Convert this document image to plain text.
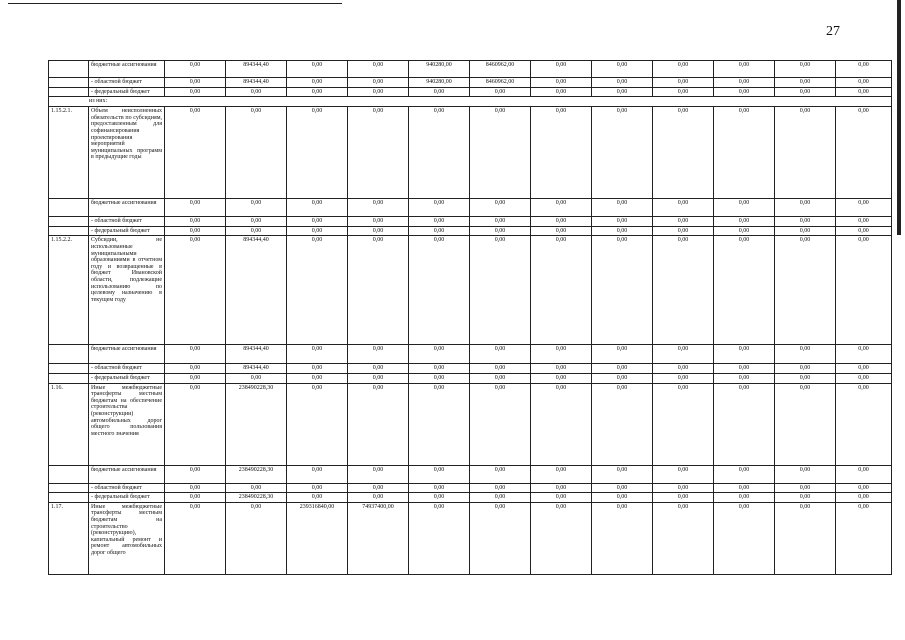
27
	бюджетные ассигнования	0,00	894344,40	0,00	0,00	940280,00	8460962,00	0,00	0,00	0,00	0,00	0,00	0,00
	- областной бюджет	0,00	894344,40	0,00	0,00	940280,00	8460962,00	0,00	0,00	0,00	0,00	0,00	0,00
	- федеральный бюджет	0,00	0,00	0,00	0,00	0,00	0,00	0,00	0,00	0,00	0,00	0,00	0,00
из них:													
1.15.2.1.	Объем неисполненных обязательств по субсидиям, предоставленным для софинансирования проектирования мероприятий муниципальных программ в предыдущие годы	0,00	0,00	0,00	0,00	0,00	0,00	0,00	0,00	0,00	0,00	0,00	0,00
	бюджетные ассигнования	0,00	0,00	0,00	0,00	0,00	0,00	0,00	0,00	0,00	0,00	0,00	0,00
	- областной бюджет	0,00	0,00	0,00	0,00	0,00	0,00	0,00	0,00	0,00	0,00	0,00	0,00
	- федеральный бюджет	0,00	0,00	0,00	0,00	0,00	0,00	0,00	0,00	0,00	0,00	0,00	0,00
1.15.2.2.	Субсидии, не использованные муниципальными образованиями в отчетном году и возвращенные в бюджет Ивановской области, подлежащие использованию по целевому назначению в текущем году	0,00	894344,40	0,00	0,00	0,00	0,00	0,00	0,00	0,00	0,00	0,00	0,00
	бюджетные ассигнования	0,00	894344,40	0,00	0,00	0,00	0,00	0,00	0,00	0,00	0,00	0,00	0,00
	- областной бюджет	0,00	894344,40	0,00	0,00	0,00	0,00	0,00	0,00	0,00	0,00	0,00	0,00
	- федеральный бюджет	0,00	0,00	0,00	0,00	0,00	0,00	0,00	0,00	0,00	0,00	0,00	0,00
1.16.	Иные межбюджетные трансферты местным бюджетам на обеспечение строительства (реконструкции) автомобильных дорог общего пользования местного значения	0,00	238490228,30	0,00	0,00	0,00	0,00	0,00	0,00	0,00	0,00	0,00	0,00
	бюджетные ассигнования	0,00	238490228,30	0,00	0,00	0,00	0,00	0,00	0,00	0,00	0,00	0,00	0,00
	- областной бюджет	0,00	0,00	0,00	0,00	0,00	0,00	0,00	0,00	0,00	0,00	0,00	0,00
	- федеральный бюджет	0,00	238490228,30	0,00	0,00	0,00	0,00	0,00	0,00	0,00	0,00	0,00	0,00
1.17.	Иные межбюджетные трансферты местным бюджетам на строительство (реконструкцию), капитальный ремонт и ремонт автомобильных дорог общего	0,00	0,00	239316840,00	74937400,00	0,00	0,00	0,00	0,00	0,00	0,00	0,00	0,00
